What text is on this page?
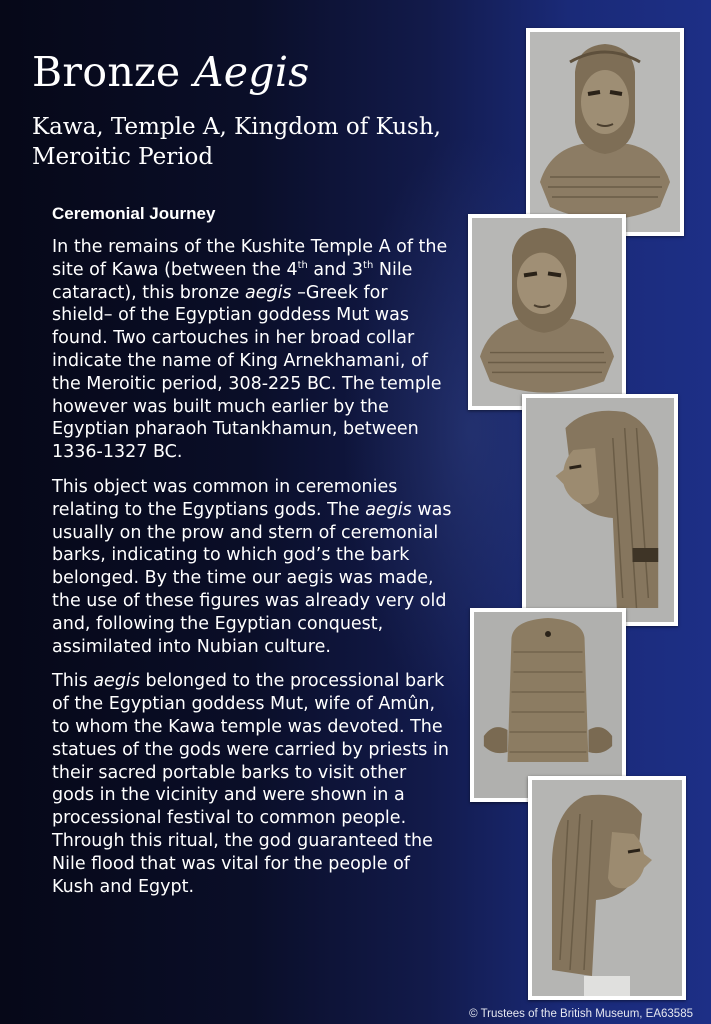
Bronze Aegis
Kawa, Temple A, Kingdom of Kush, Meroitic Period
Ceremonial Journey

In the remains of the Kushite Temple A of the site of Kawa (between the 4th and 3th Nile cataract), this bronze aegis –Greek for shield– of the Egyptian goddess Mut was found. Two cartouches in her broad collar indicate the name of King Arnekhamani, of the Meroitic period, 308-225 BC. The temple however was built much earlier by the Egyptian pharaoh Tutankhamun, between 1336-1327 BC.

This object was common in ceremonies relating to the Egyptians gods. The aegis was usually on the prow and stern of ceremonial barks, indicating to which god’s the bark belonged. By the time our aegis was made, the use of these figures was already very old and, following the Egyptian conquest, assimilated into Nubian culture.

This aegis belonged to the processional bark of the Egyptian goddess Mut, wife of Amûn, to whom the Kawa temple was devoted. The statues of the gods were carried by priests in their sacred portable barks to visit other gods in the vicinity and were shown in a processional festival to common people. Through this ritual, the god guaranteed the Nile flood that was vital for the people of Kush and Egypt.

© Trustees of the British Museum, EA63585
